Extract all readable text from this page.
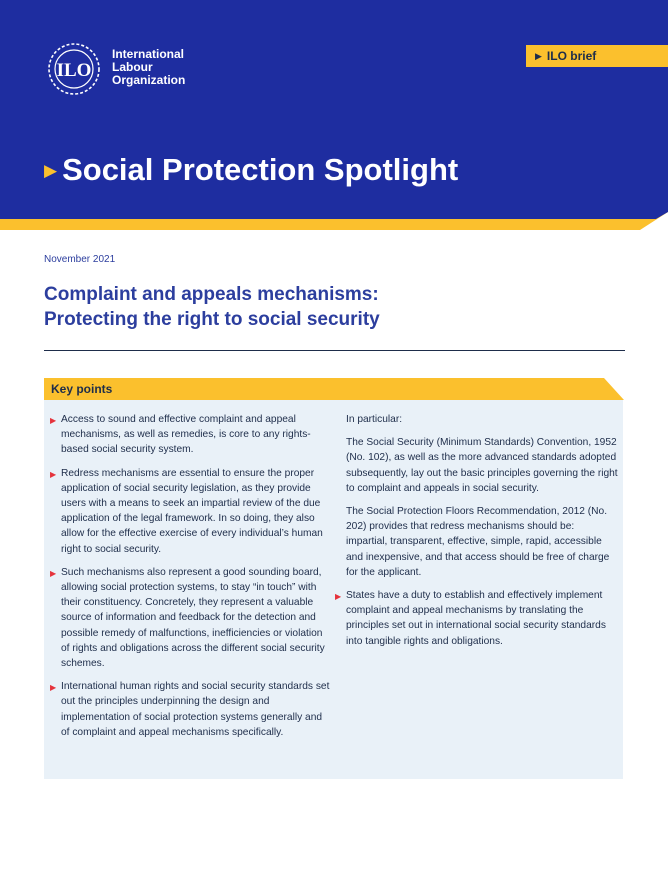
ILO
International
Labour
Organization
▶ ILO brief
▶ Social Protection Spotlight
November 2021
Complaint and appeals mechanisms:
Protecting the right to social security
Key points
▶ Access to sound and effective complaint and appeal mechanisms, as well as remedies, is core to any rights-based social security system.
▶ Redress mechanisms are essential to ensure the proper application of social security legislation, as they provide users with a means to seek an impartial review of the due application of the legal framework. In so doing, they also allow for the effective exercise of every individual’s human right to social security.
▶ Such mechanisms also represent a good sounding board, allowing social protection systems, to stay “in touch” with their constituency. Concretely, they represent a valuable source of information and feedback for the detection and possible remedy of malfunctions, inefficiencies or violation of rights and obligations across the different social security schemes.
▶ International human rights and social security standards set out the principles underpinning the design and implementation of social protection systems generally and of complaint and appeal mechanisms specifically.
In particular:
The Social Security (Minimum Standards) Convention, 1952 (No. 102), as well as the more advanced standards adopted subsequently, lay out the basic principles governing the right to complaint and appeals in social security.
The Social Protection Floors Recommendation, 2012 (No. 202) provides that redress mechanisms should be: impartial, transparent, effective, simple, rapid, accessible and inexpensive, and that access should be free of charge for the applicant.
▶ States have a duty to establish and effectively implement complaint and appeal mechanisms by translating the principles set out in international social security standards into tangible rights and obligations.
